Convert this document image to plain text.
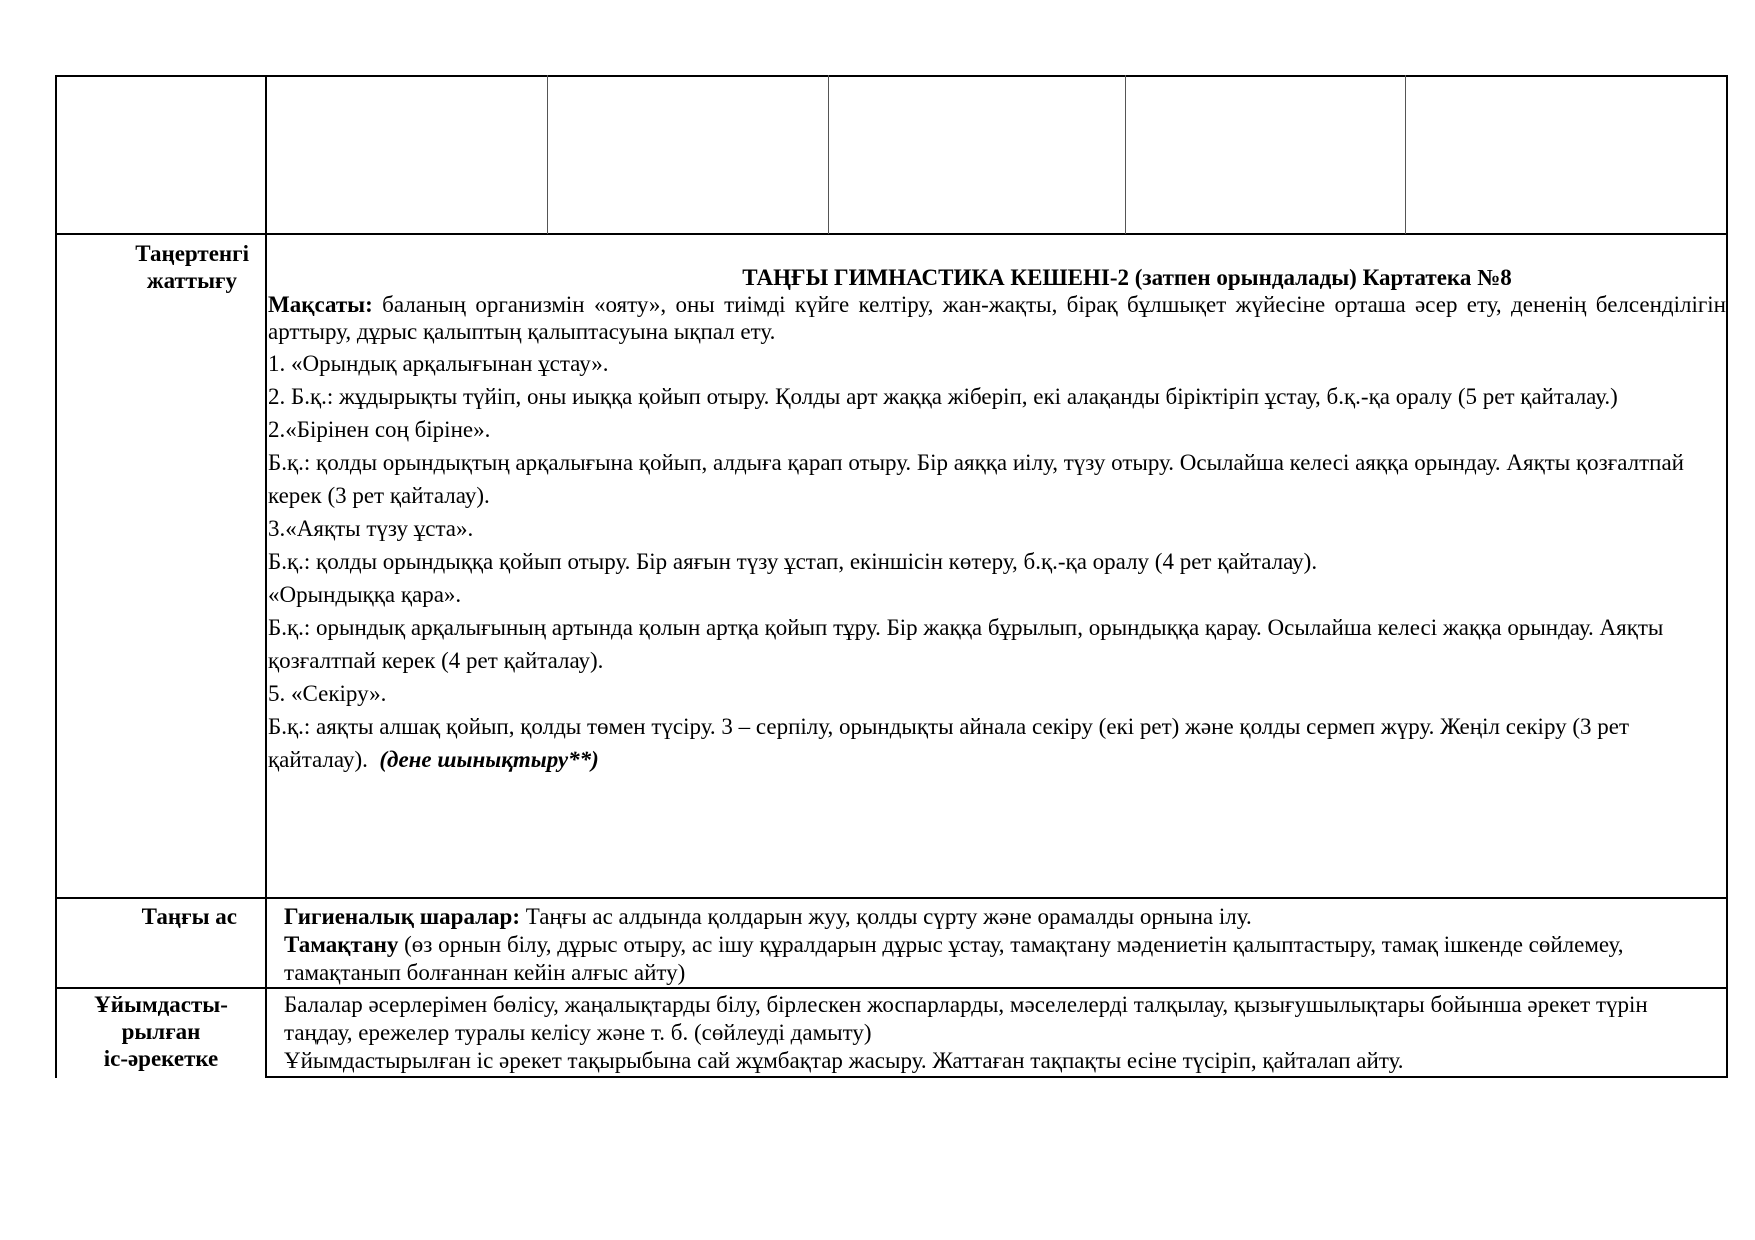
Таңертенгі

жаттығу	ТАҢҒЫ ГИМНАСТИКА КЕШЕНІ-2 (затпен орындалады) Картатека №8

Мақсаты: баланың организмін «ояту», оны тиімді күйге келтіру, жан-жақты, бірақ бұлшықет жүйесіне орташа әсер ету, дененің белсенділігін арттыру, дұрыс қалыптың қалыптасуына ықпал ету.

1. «Орындық арқалығынан ұстау».

2. Б.қ.: жұдырықты түйіп, оны иыққа қойып отыру. Қолды арт жаққа жіберіп, екі алақанды біріктіріп ұстау, б.қ.-қа оралу (5 рет қайталау.)

2.«Бірінен соң біріне».

Б.қ.: қолды орындықтың арқалығына қойып, алдыға қарап отыру. Бір аяққа иілу, түзу отыру. Осылайша келесі аяққа орындау. Аяқты қозғалтпай керек (3 рет қайталау).

3.«Аяқты түзу ұста».

Б.қ.: қолды орындыққа қойып отыру. Бір аяғын түзу ұстап, екіншісін көтеру, б.қ.-қа оралу (4 рет қайталау).

«Орындыққа қара».

Б.қ.: орындық арқалығының артында қолын артқа қойып тұру. Бір жаққа бұрылып, орындыққа қарау. Осылайша келесі жаққа орындау. Аяқты қозғалтпай керек (4 рет қайталау).

5. «Секіру».

Б.қ.: аяқты алшақ қойып, қолды төмен түсіру. 3 – серпілу, орындықты айнала секіру (екі рет) және қолды сермеп жүру. Жеңіл секіру (3 рет қайталау). (дене шынықтыру**)

Таңғы ас Гигиеналық шаралар: Таңғы ас алдында қолдарын жуу, қолды сүрту және орамалды орнына ілу.

Тамақтану (өз орнын білу, дұрыс отыру, ас ішу құралдарын дұрыс ұстау, тамақтану мәдениетін қалыптастыру, тамақ ішкенде сөйлемеу, тамақтанып болғаннан кейін алғыс айту)

Ұйымдасты-

рылған

іс-әрекетке

Балалар әсерлерімен бөлісу, жаңалықтарды білу, бірлескен жоспарларды, мәселелерді талқылау, қызығушылықтары бойынша әрекет түрін таңдау, ережелер туралы келісу және т. б. (сөйлеуді дамыту)

Ұйымдастырылған іс әрекет тақырыбына сай жұмбақтар жасыру. Жаттаған тақпақты есіне түсіріп, қайталап айту.
